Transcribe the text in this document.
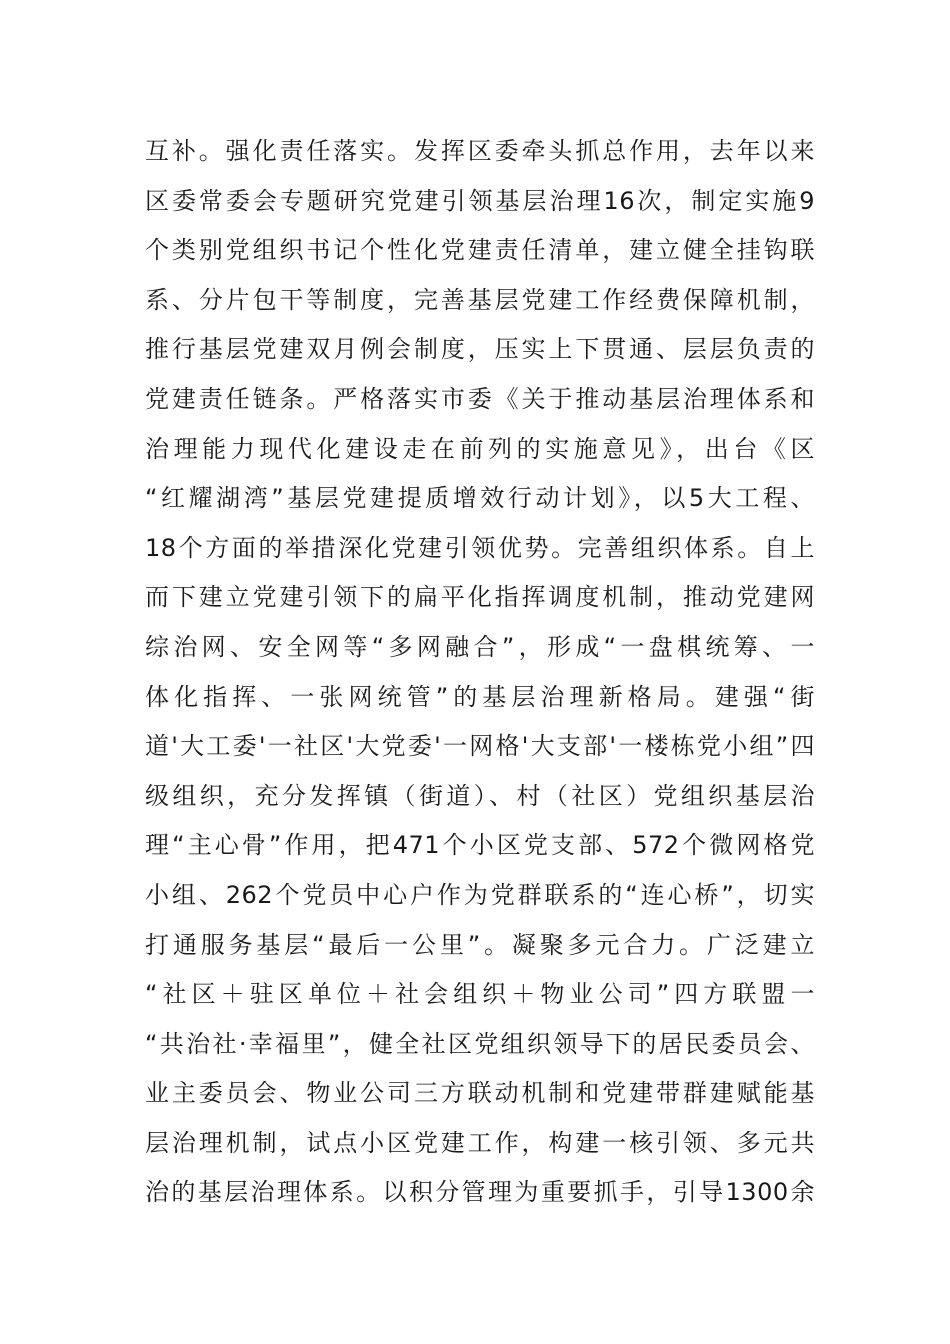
互补。强化责任落实。发挥区委牵头抓总作用，去年以来
区委常委会专题研究党建引领基层治理16次，制定实施9
个类别党组织书记个性化党建责任清单，建立健全挂钩联
系、分片包干等制度，完善基层党建工作经费保障机制，
推行基层党建双月例会制度，压实上下贯通、层层负责的
党建责任链条。严格落实市委《关于推动基层治理体系和
治理能力现代化建设走在前列的实施意见》，出台《区
“红耀湖湾”基层党建提质增效行动计划》，以5大工程、
18个方面的举措深化党建引领优势。完善组织体系。自上
而下建立党建引领下的扁平化指挥调度机制，推动党建网
综治网、安全网等“多网融合”，形成“一盘棋统筹、一
体化指挥、一张网统管”的基层治理新格局。建强“街
道'大工委'一社区'大党委'一网格'大支部'一楼栋党小组”四
级组织，充分发挥镇（街道）、村（社区）党组织基层治
理“主心骨”作用，把471个小区党支部、572个微网格党
小组、262个党员中心户作为党群联系的“连心桥”，切实
打通服务基层“最后一公里”。凝聚多元合力。广泛建立
“社区＋驻区单位＋社会组织＋物业公司”四方联盟一
“共治社·幸福里”，健全社区党组织领导下的居民委员会、
业主委员会、物业公司三方联动机制和党建带群建赋能基
层治理机制，试点小区党建工作，构建一核引领、多元共
治的基层治理体系。以积分管理为重要抓手，引导1300余
